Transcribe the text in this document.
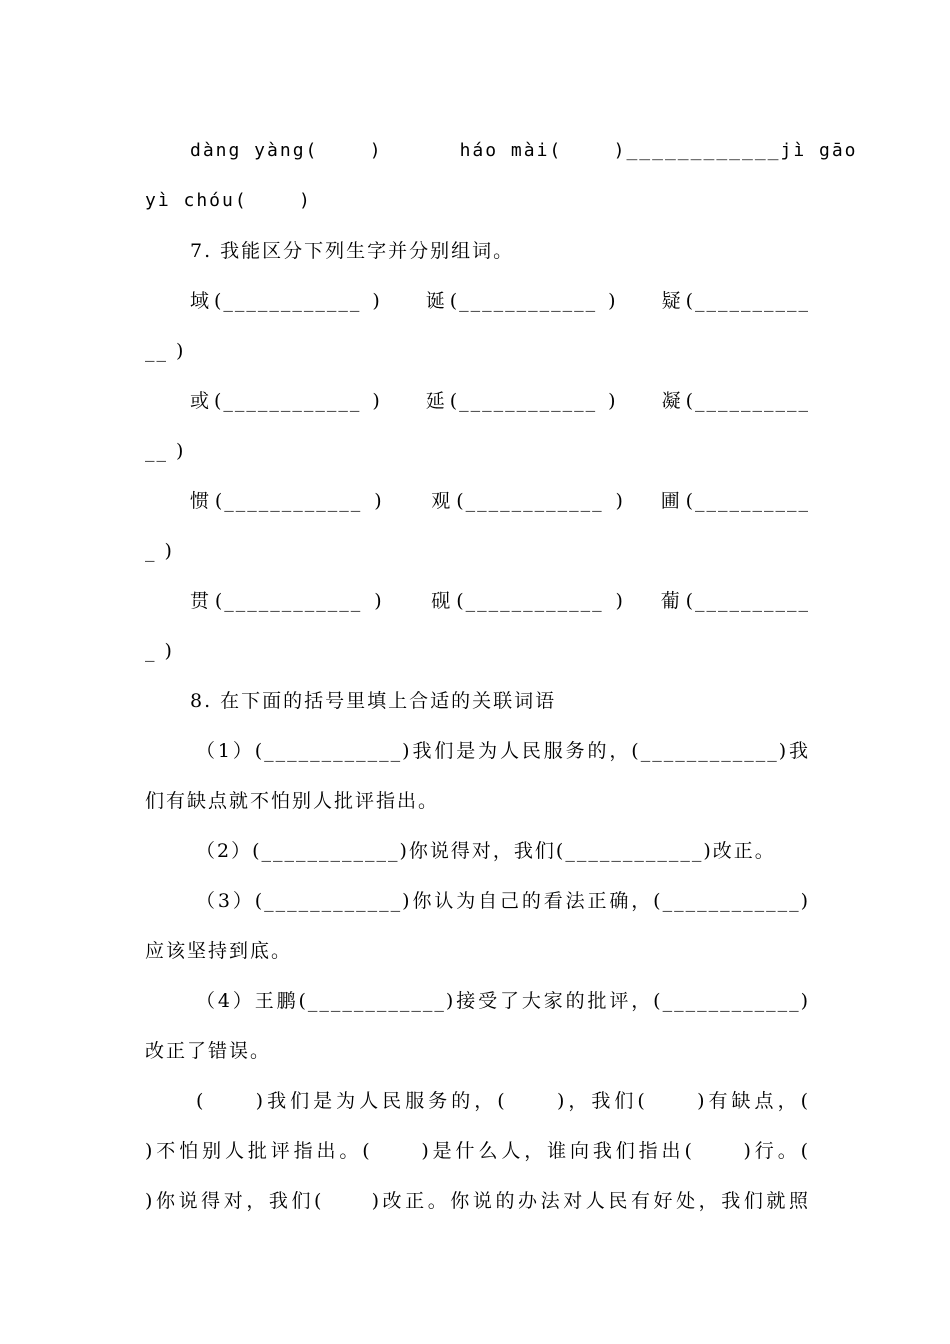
dàng yàng(    )      háo mài(    )____________jì gāo
yì chóu(    )
7. 我能区分下列生字并分别组词。
域(____________ )    诞(____________ )    疑(__________
__ )
或(____________ )    延(____________ )    凝(__________
__ )
惯(____________ )    观(____________ )   圃(__________
_ )
贯(____________ )    砚(____________ )   葡(__________
_ )
8. 在下面的括号里填上合适的关联词语
（1）(____________)我们是为人民服务的，(____________)我
们有缺点就不怕别人批评指出。
（2）(____________)你说得对，我们(____________)改正。
（3）(____________)你认为自己的看法正确，(____________)
应该坚持到底。
（4）王鹏(____________)接受了大家的批评，(____________)
改正了错误。
(     )我们是为人民服务的，(     )，我们(     )有缺点，(
)不怕别人批评指出。(     )是什么人，谁向我们指出(     )行。(
)你说得对，我们(     )改正。你说的办法对人民有好处，我们就照
